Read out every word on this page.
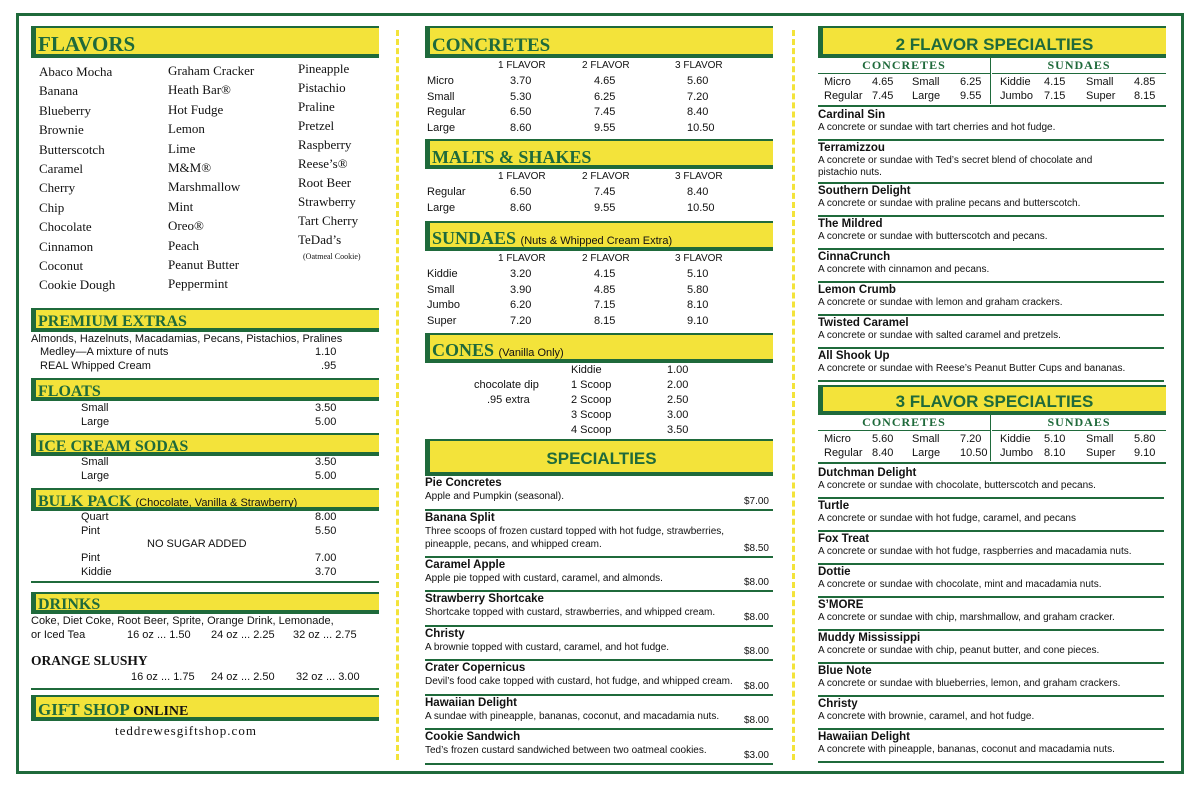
FLAVORS
Abaco Mocha
Banana
Blueberry
Brownie
Butterscotch
Caramel
Cherry
Chip
Chocolate
Cinnamon
Coconut
Cookie Dough
Graham Cracker
Heath Bar®
Hot Fudge
Lemon
Lime
M&M®
Marshmallow
Mint
Oreo®
Peach
Peanut Butter
Peppermint
Pineapple
Pistachio
Praline
Pretzel
Raspberry
Reese’s®
Root Beer
Strawberry
Tart Cherry
TeDad’s
(Oatmeal Cookie)
PREMIUM EXTRAS
Almonds, Hazelnuts, Macadamias, Pecans, Pistachios, Pralines
Medley—A mixture of nuts	1.10
REAL Whipped Cream	.95
FLOATS
Small	3.50
Large	5.00
ICE CREAM SODAS
Small	3.50
Large	5.00
BULK PACK (Chocolate, Vanilla & Strawberry)
Quart	8.00
Pint	5.50
NO SUGAR ADDED
Pint	7.00
Kiddie	3.70
DRINKS
Coke, Diet Coke, Root Beer, Sprite, Orange Drink, Lemonade,
or Iced Tea	16 oz ... 1.50 24 oz ... 2.25 32 oz ... 2.75
ORANGE SLUSHY
16 oz ... 1.75 24 oz ... 2.50 32 oz ... 3.00
GIFT SHOP ONLINE
teddrewesgiftshop.com
CONCRETES
1 FLAVOR	2 FLAVOR	3 FLAVOR
Micro	3.70	4.65	5.60
Small	5.30	6.25	7.20
Regular	6.50	7.45	8.40
Large	8.60	9.55	10.50
MALTS & SHAKES
1 FLAVOR	2 FLAVOR	3 FLAVOR
Regular	6.50	7.45	8.40
Large	8.60	9.55	10.50
SUNDAES (Nuts & Whipped Cream Extra)
1 FLAVOR	2 FLAVOR	3 FLAVOR
Kiddie	3.20	4.15	5.10
Small	3.90	4.85	5.80
Jumbo	6.20	7.15	8.10
Super	7.20	8.15	9.10
CONES (Vanilla Only)
chocolate dip
.95 extra
Kiddie	1.00
1 Scoop	2.00
2 Scoop	2.50
3 Scoop	3.00
4 Scoop	3.50
SPECIALTIES
Pie Concretes
Apple and Pumpkin (seasonal).	$7.00
Banana Split
Three scoops of frozen custard topped with hot fudge, strawberries,
pineapple, pecans, and whipped cream.	$8.50
Caramel Apple
Apple pie topped with custard, caramel, and almonds.	$8.00
Strawberry Shortcake
Shortcake topped with custard, strawberries, and whipped cream.	$8.00
Christy
A brownie topped with custard, caramel, and hot fudge.	$8.00
Crater Copernicus
Devil’s food cake topped with custard, hot fudge, and whipped cream.	$8.00
Hawaiian Delight
A sundae with pineapple, bananas, coconut, and macadamia nuts.	$8.00
Cookie Sandwich
Ted’s frozen custard sandwiched between two oatmeal cookies.	$3.00
2 FLAVOR SPECIALTIES
CONCRETES	SUNDAES
Micro 4.65 Small 6.25
Regular 7.45 Large 9.55
Kiddie 4.15 Small 4.85
Jumbo 7.15 Super 8.15
Cardinal Sin
A concrete or sundae with tart cherries and hot fudge.
Terramizzou
A concrete or sundae with Ted’s secret blend of chocolate and
pistachio nuts.
Southern Delight
A concrete or sundae with praline pecans and butterscotch.
The Mildred
A concrete or sundae with butterscotch and pecans.
CinnaCrunch
A concrete with cinnamon and pecans.
Lemon Crumb
A concrete or sundae with lemon and graham crackers.
Twisted Caramel
A concrete or sundae with salted caramel and pretzels.
All Shook Up
A concrete or sundae with Reese’s Peanut Butter Cups and bananas.
3 FLAVOR SPECIALTIES
CONCRETES	SUNDAES
Micro 5.60 Small 7.20
Regular 8.40 Large 10.50
Kiddie 5.10 Small 5.80
Jumbo 8.10 Super 9.10
Dutchman Delight
A concrete or sundae with chocolate, butterscotch and pecans.
Turtle
A concrete or sundae with hot fudge, caramel, and pecans
Fox Treat
A concrete or sundae with hot fudge, raspberries and macadamia nuts.
Dottie
A concrete or sundae with chocolate, mint and macadamia nuts.
S’MORE
A concrete or sundae with chip, marshmallow, and graham cracker.
Muddy Mississippi
A concrete or sundae with chip, peanut butter, and cone pieces.
Blue Note
A concrete or sundae with blueberries, lemon, and graham crackers.
Christy
A concrete with brownie, caramel, and hot fudge.
Hawaiian Delight
A concrete with pineapple, bananas, coconut and macadamia nuts.
